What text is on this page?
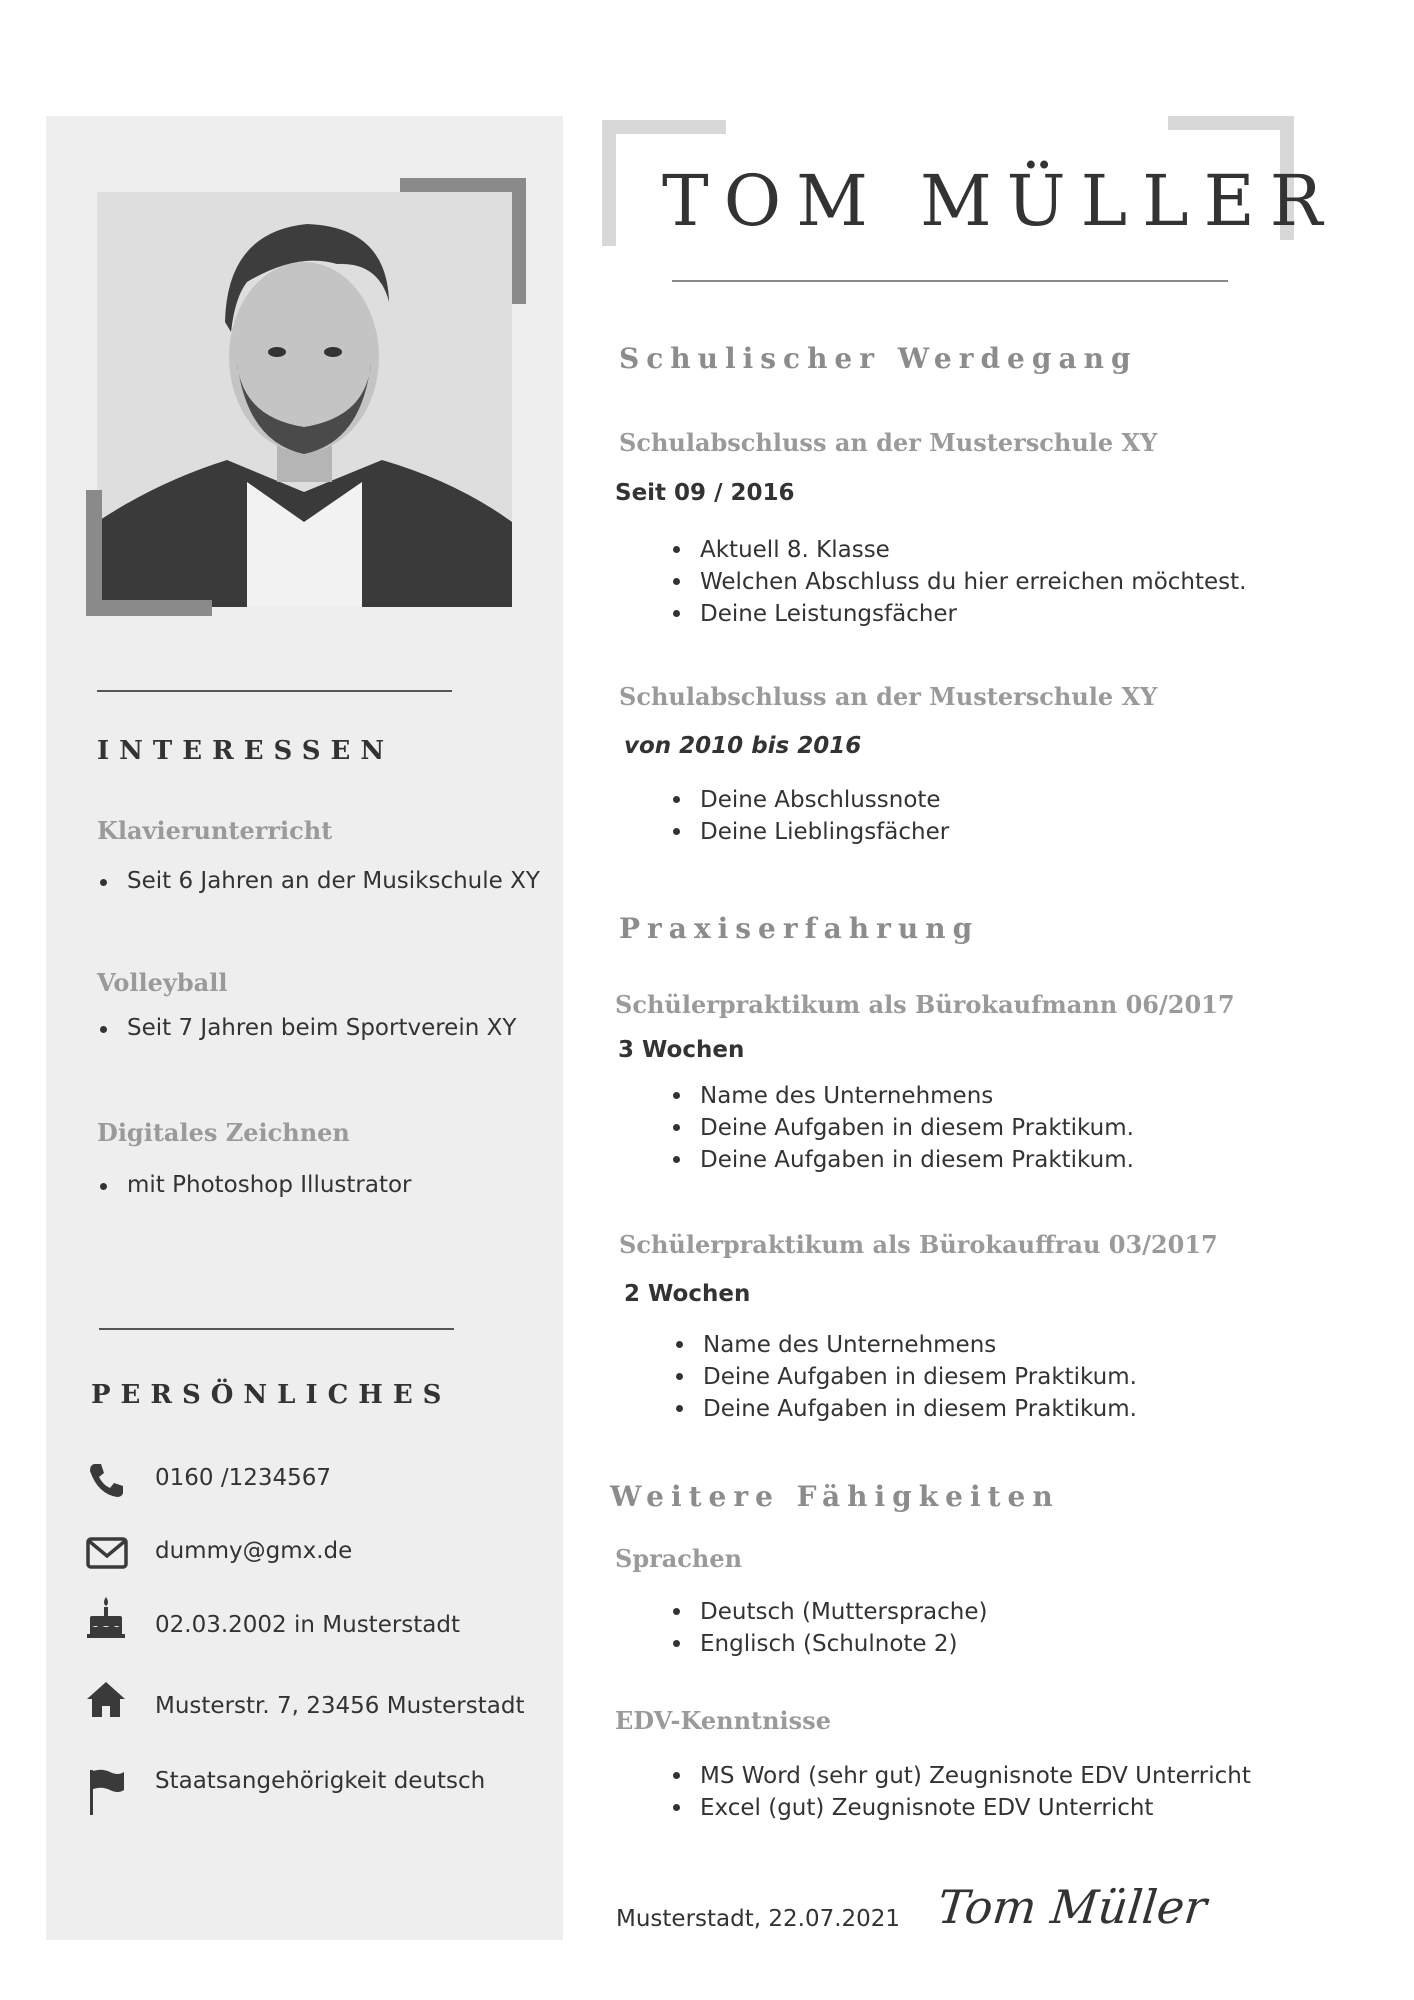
INTERESSEN
Klavierunterricht
Seit 6 Jahren an der Musikschule XY
Volleyball
Seit 7 Jahren beim Sportverein XY
Digitales Zeichnen
mit Photoshop Illustrator
PERSÖNLICHES
0160 /1234567
dummy@gmx.de
02.03.2002 in Musterstadt
Musterstr. 7, 23456 Musterstadt
Staatsangehörigkeit deutsch
TOM MÜLLER
Schulischer Werdegang
Schulabschluss an der Musterschule XY
Seit 09 / 2016
Aktuell 8. Klasse
Welchen Abschluss du hier erreichen möchtest.
Deine Leistungsfächer
Schulabschluss an der Musterschule XY
von 2010 bis 2016
Deine Abschlussnote
Deine Lieblingsfächer
Praxiserfahrung
Schülerpraktikum als Bürokaufmann 06/2017
3 Wochen
Name des Unternehmens
Deine Aufgaben in diesem Praktikum.
Deine Aufgaben in diesem Praktikum.
Schülerpraktikum als Bürokauffrau 03/2017
2 Wochen
Name des Unternehmens
Deine Aufgaben in diesem Praktikum.
Deine Aufgaben in diesem Praktikum.
Weitere Fähigkeiten
Sprachen
Deutsch (Muttersprache)
Englisch (Schulnote 2)
EDV-Kenntnisse
MS Word (sehr gut) Zeugnisnote EDV Unterricht
Excel (gut) Zeugnisnote EDV Unterricht
Musterstadt, 22.07.2021 Tom Müller
